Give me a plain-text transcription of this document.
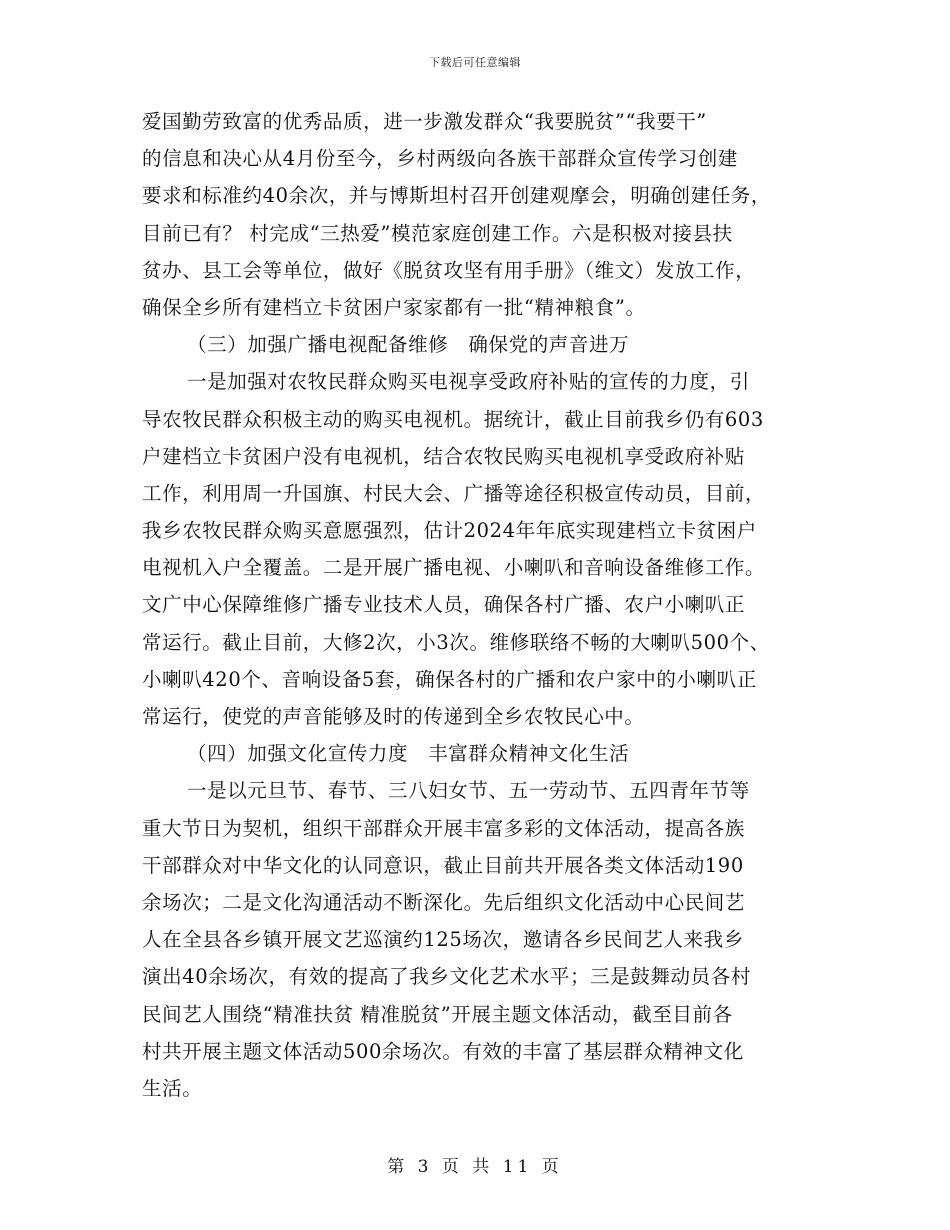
下载后可任意编辑
爱国勤劳致富的优秀品质，进一步激发群众“我要脱贫”“我要干”
的信息和决心从4月份至今，乡村两级向各族干部群众宣传学习创建
要求和标准约40余次，并与博斯坦村召开创建观摩会，明确创建任务，
目前已有？ 村完成“三热爱”模范家庭创建工作。六是积极对接县扶
贫办、县工会等单位，做好《脱贫攻坚有用手册》（维文）发放工作，
确保全乡所有建档立卡贫困户家家都有一批“精神粮食”。
（三）加强广播电视配备维修　确保党的声音进万
一是加强对农牧民群众购买电视享受政府补贴的宣传的力度，引
导农牧民群众积极主动的购买电视机。据统计，截止目前我乡仍有603
户建档立卡贫困户没有电视机，结合农牧民购买电视机享受政府补贴
工作，利用周一升国旗、村民大会、广播等途径积极宣传动员，目前，
我乡农牧民群众购买意愿强烈，估计2024年年底实现建档立卡贫困户
电视机入户全覆盖。二是开展广播电视、小喇叭和音响设备维修工作。
文广中心保障维修广播专业技术人员，确保各村广播、农户小喇叭正
常运行。截止目前，大修2次，小3次。维修联络不畅的大喇叭500个、
小喇叭420个、音响设备5套，确保各村的广播和农户家中的小喇叭正
常运行，使党的声音能够及时的传递到全乡农牧民心中。
（四）加强文化宣传力度　丰富群众精神文化生活
一是以元旦节、春节、三八妇女节、五一劳动节、五四青年节等
重大节日为契机，组织干部群众开展丰富多彩的文体活动，提高各族
干部群众对中华文化的认同意识，截止目前共开展各类文体活动190
余场次；二是文化沟通活动不断深化。先后组织文化活动中心民间艺
人在全县各乡镇开展文艺巡演约125场次，邀请各乡民间艺人来我乡
演出40余场次，有效的提高了我乡文化艺术水平；三是鼓舞动员各村
民间艺人围绕“精准扶贫 精准脱贫”开展主题文体活动，截至目前各
村共开展主题文体活动500余场次。有效的丰富了基层群众精神文化
生活。
第 3 页 共 11 页
